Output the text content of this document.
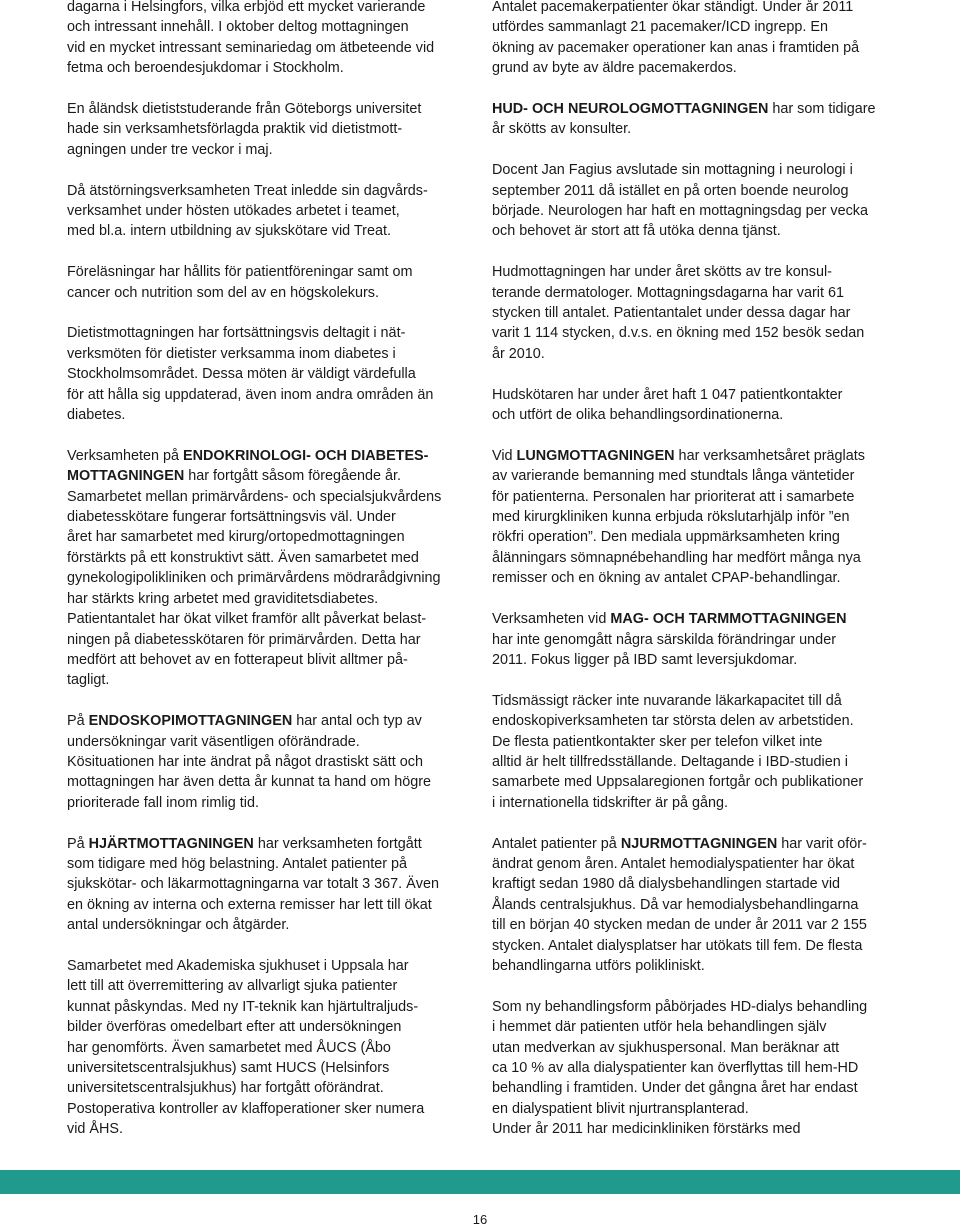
dagarna i Helsingfors, vilka erbjöd ett mycket varierande
och intressant innehåll. I oktober deltog mottagningen
vid en mycket intressant seminariedag om ätbeteende vid
fetma och beroendesjukdomar i Stockholm.

En åländsk dietiststuderande från Göteborgs universitet
hade sin verksamhetsförlagda praktik vid dietistmott-
agningen under tre veckor i maj.

Då ätstörningsverksamheten Treat inledde sin dagvårds-
verksamhet under hösten utökades arbetet i teamet,
med bl.a. intern utbildning av sjukskötare vid Treat.

Föreläsningar har hållits för patientföreningar samt om
cancer och nutrition som del av en högskolekurs.

Dietistmottagningen har fortsättningsvis deltagit i nät-
verksmöten för dietister verksamma inom diabetes i
Stockholmsområdet. Dessa möten är väldigt värdefulla
för att hålla sig uppdaterad, även inom andra områden än
diabetes.

Verksamheten på ENDOKRINOLOGI- OCH DIABETES-
MOTTAGNINGEN har fortgått såsom föregående år.
Samarbetet mellan primärvårdens- och specialsjukvårdens
diabetesskötare fungerar fortsättningsvis väl. Under
året har samarbetet med kirurg/ortopedmottagningen
förstärkts på ett konstruktivt sätt. Även samarbetet med
gynekologipolikliniken och primärvårdens mödrarådgivning
har stärkts kring arbetet med graviditetsdiabetes.
Patientantalet har ökat vilket framför allt påverkat belast-
ningen på diabetesskötaren för primärvården. Detta har
medfört att behovet av en fotterapeut blivit alltmer på-
tagligt.

På ENDOSKOPIMOTTAGNINGEN har antal och typ av
undersökningar varit väsentligen oförändrade.
Kösituationen har inte ändrat på något drastiskt sätt och
mottagningen har även detta år kunnat ta hand om högre
prioriterade fall inom rimlig tid.

På HJÄRTMOTTAGNINGEN har verksamheten fortgått
som tidigare med hög belastning. Antalet patienter på
sjukskötar- och läkarmottagningarna var totalt 3 367. Även
en ökning av interna och externa remisser har lett till ökat
antal undersökningar och åtgärder.

Samarbetet med Akademiska sjukhuset i Uppsala har
lett till att överremittering av allvarligt sjuka patienter
kunnat påskyndas. Med ny IT-teknik kan hjärtultraljuds-
bilder överföras omedelbart efter att undersökningen
har genomförts. Även samarbetet med ÅUCS (Åbo
universitetscentralsjukhus) samt HUCS (Helsinfors
universitetscentralsjukhus) har fortgått oförändrat.
Postoperativa kontroller av klaffoperationer sker numera
vid ÅHS.

Antalet pacemakerpatienter ökar ständigt. Under år 2011
utfördes sammanlagt 21 pacemaker/ICD ingrepp. En
ökning av pacemaker operationer kan anas i framtiden på
grund av byte av äldre pacemakerdos.

HUD- OCH NEUROLOGMOTTAGNINGEN har som tidigare
år skötts av konsulter.

Docent Jan Fagius avslutade sin mottagning i neurologi i
september 2011 då istället en på orten boende neurolog
började. Neurologen har haft en mottagningsdag per vecka
och behovet är stort att få utöka denna tjänst.

Hudmottagningen har under året skötts av tre konsul-
terande dermatologer. Mottagningsdagarna har varit 61
stycken till antalet. Patientantalet under dessa dagar har
varit 1 114 stycken, d.v.s. en ökning med 152 besök sedan
år 2010.

Hudskötaren har under året haft 1 047 patientkontakter
och utfört de olika behandlingsordinationerna.

Vid LUNGMOTTAGNINGEN har verksamhetsåret präglats
av varierande bemanning med stundtals långa väntetider
för patienterna. Personalen har prioriterat att i samarbete
med kirurgkliniken kunna erbjuda rökslutarhjälp inför ”en
rökfri operation”. Den mediala uppmärksamheten kring
ålänningars sömnapnébehandling har medfört många nya
remisser och en ökning av antalet CPAP-behandlingar.

Verksamheten vid MAG- OCH TARMMOTTAGNINGEN
har inte genomgått några särskilda förändringar under
2011. Fokus ligger på IBD samt leversjukdomar.

Tidsmässigt räcker inte nuvarande läkarkapacitet till då
endoskopiverksamheten tar största delen av arbetstiden.
De flesta patientkontakter sker per telefon vilket inte
alltid är helt tillfredsställande. Deltagande i IBD-studien i
samarbete med Uppsalaregionen fortgår och publikationer
i internationella tidskrifter är på gång.

Antalet patienter på NJURMOTTAGNINGEN har varit oför-
ändrat genom åren. Antalet hemodialyspatienter har ökat
kraftigt sedan 1980 då dialysbehandlingen startade vid
Ålands centralsjukhus. Då var hemodialysbehandlingarna
till en början 40 stycken medan de under år 2011 var 2 155
stycken. Antalet dialysplatser har utökats till fem. De flesta
behandlingarna utförs polikliniskt.

Som ny behandlingsform påbörjades HD-dialys behandling
i hemmet där patienten utför hela behandlingen själv
utan medverkan av sjukhuspersonal. Man beräknar att
ca 10 % av alla dialyspatienter kan överflyttas till hem-HD
behandling i framtiden. Under det gångna året har endast
en dialyspatient blivit njurtransplanterad.
Under år 2011 har medicinkliniken förstärks med

16
